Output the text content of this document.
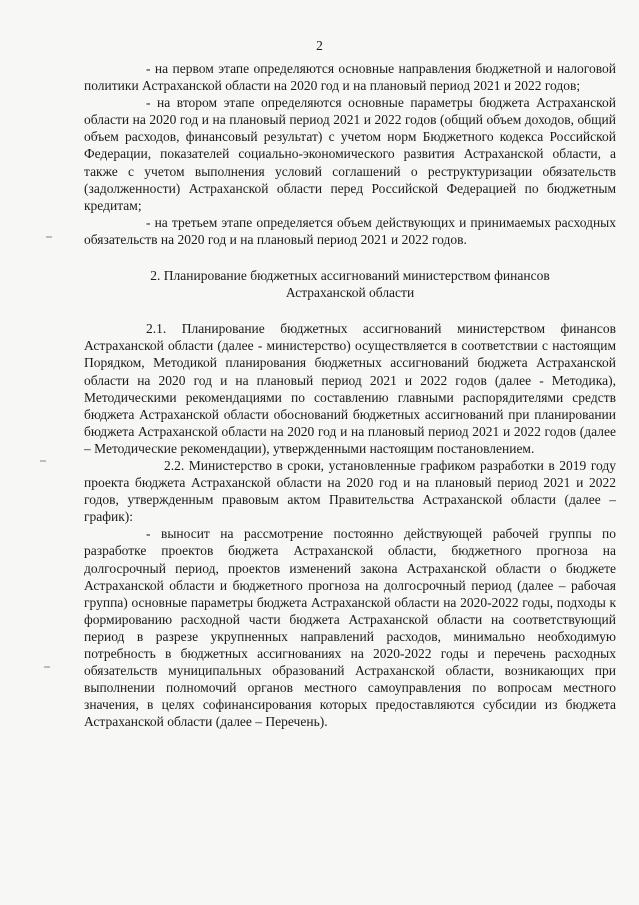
2

- на первом этапе определяются основные направления бюджетной и налоговой политики Астраханской области на 2020 год и на плановый период 2021 и 2022 годов;

- на втором этапе определяются основные параметры бюджета Астраханской области на 2020 год и на плановый период 2021 и 2022 годов (общий объем доходов, общий объем расходов, финансовый результат) с учетом норм Бюджетного кодекса Российской Федерации, показателей социально-экономического развития Астраханской области, а также с учетом выполнения условий соглашений о реструктуризации обязательств (задолженности) Астраханской области перед Российской Федерацией по бюджетным кредитам;

- на третьем этапе определяется объем действующих и принимаемых расходных обязательств на 2020 год и на плановый период 2021 и 2022 годов.

2. Планирование бюджетных ассигнований министерством финансов
Астраханской области

2.1. Планирование бюджетных ассигнований министерством финансов Астраханской области (далее - министерство) осуществляется в соответствии с настоящим Порядком, Методикой планирования бюджетных ассигнований бюджета Астраханской области на 2020 год и на плановый период 2021 и 2022 годов (далее - Методика), Методическими рекомендациями по составлению главными распорядителями средств бюджета Астраханской области обоснований бюджетных ассигнований при планировании бюджета Астраханской области на 2020 год и на плановый период 2021 и 2022 годов (далее – Методические рекомендации), утвержденными настоящим постановлением.

2.2. Министерство в сроки, установленные графиком разработки в 2019 году проекта бюджета Астраханской области на 2020 год и на плановый период 2021 и 2022 годов, утвержденным правовым актом Правительства Астраханской области (далее – график):

- выносит на рассмотрение постоянно действующей рабочей группы по разработке проектов бюджета Астраханской области, бюджетного прогноза на долгосрочный период, проектов изменений закона Астраханской области о бюджете Астраханской области и бюджетного прогноза на долгосрочный период (далее – рабочая группа) основные параметры бюджета Астраханской области на 2020-2022 годы, подходы к формированию расходной части бюджета Астраханской области на соответствующий период в разрезе укрупненных направлений расходов, минимально необходимую потребность в бюджетных ассигнованиях на 2020-2022 годы и перечень расходных обязательств муниципальных образований Астраханской области, возникающих при выполнении полномочий органов местного самоуправления по вопросам местного значения, в целях софинансирования которых предоставляются субсидии из бюджета Астраханской области (далее – Перечень).
